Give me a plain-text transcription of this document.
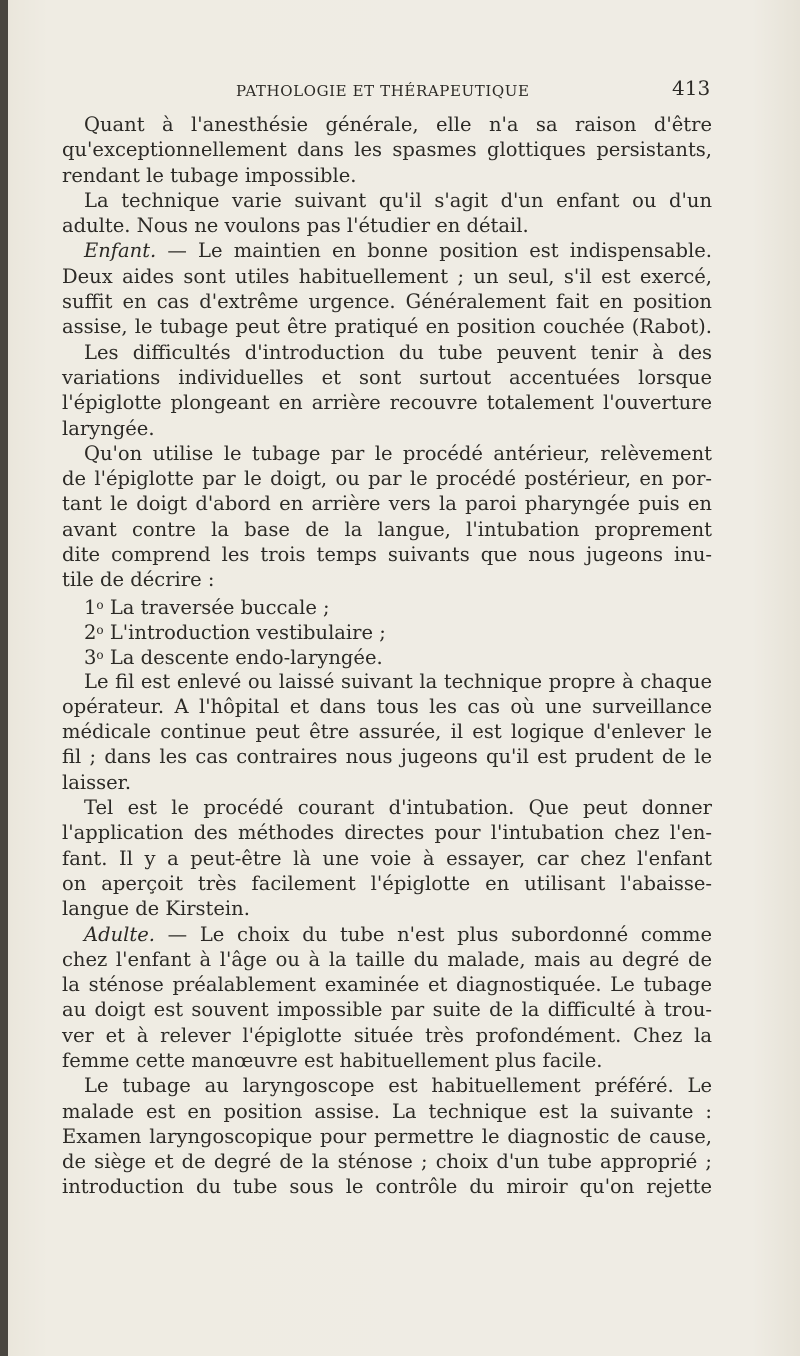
PATHOLOGIE ET THÉRAPEUTIQUE	413
Quant à l'anesthésie générale, elle n'a sa raison d'être
qu'exceptionnellement dans les spasmes glottiques persistants,
rendant le tubage impossible.
La technique varie suivant qu'il s'agit d'un enfant ou d'un
adulte. Nous ne voulons pas l'étudier en détail.
Enfant. — Le maintien en bonne position est indispensable.
Deux aides sont utiles habituellement ; un seul, s'il est exercé,
suffit en cas d'extrême urgence. Généralement fait en position
assise, le tubage peut être pratiqué en position couchée (Rabot).
Les difficultés d'introduction du tube peuvent tenir à des
variations individuelles et sont surtout accentuées lorsque
l'épiglotte plongeant en arrière recouvre totalement l'ouverture
laryngée.
Qu'on utilise le tubage par le procédé antérieur, relèvement
de l'épiglotte par le doigt, ou par le procédé postérieur, en por-
tant le doigt d'abord en arrière vers la paroi pharyngée puis en
avant contre la base de la langue, l'intubation proprement
dite comprend les trois temps suivants que nous jugeons inu-
tile de décrire :
1$^o$ La traversée buccale ;
2$^o$ L'introduction vestibulaire ;
3$^o$ La descente endo-laryngée.
Le fil est enlevé ou laissé suivant la technique propre à chaque
opérateur. A l'hôpital et dans tous les cas où une surveillance
médicale continue peut être assurée, il est logique d'enlever le
fil ; dans les cas contraires nous jugeons qu'il est prudent de le
laisser.
Tel est le procédé courant d'intubation. Que peut donner
l'application des méthodes directes pour l'intubation chez l'en-
fant. Il y a peut-être là une voie à essayer, car chez l'enfant
on aperçoit très facilement l'épiglotte en utilisant l'abaisse-
langue de Kirstein.
Adulte. — Le choix du tube n'est plus subordonné comme
chez l'enfant à l'âge ou à la taille du malade, mais au degré de
la sténose préalablement examinée et diagnostiquée. Le tubage
au doigt est souvent impossible par suite de la difficulté à trou-
ver et à relever l'épiglotte située très profondément. Chez la
femme cette manœuvre est habituellement plus facile.
Le tubage au laryngoscope est habituellement préféré. Le
malade est en position assise. La technique est la suivante :
Examen laryngoscopique pour permettre le diagnostic de cause,
de siège et de degré de la sténose ; choix d'un tube approprié ;
introduction du tube sous le contrôle du miroir qu'on rejette
